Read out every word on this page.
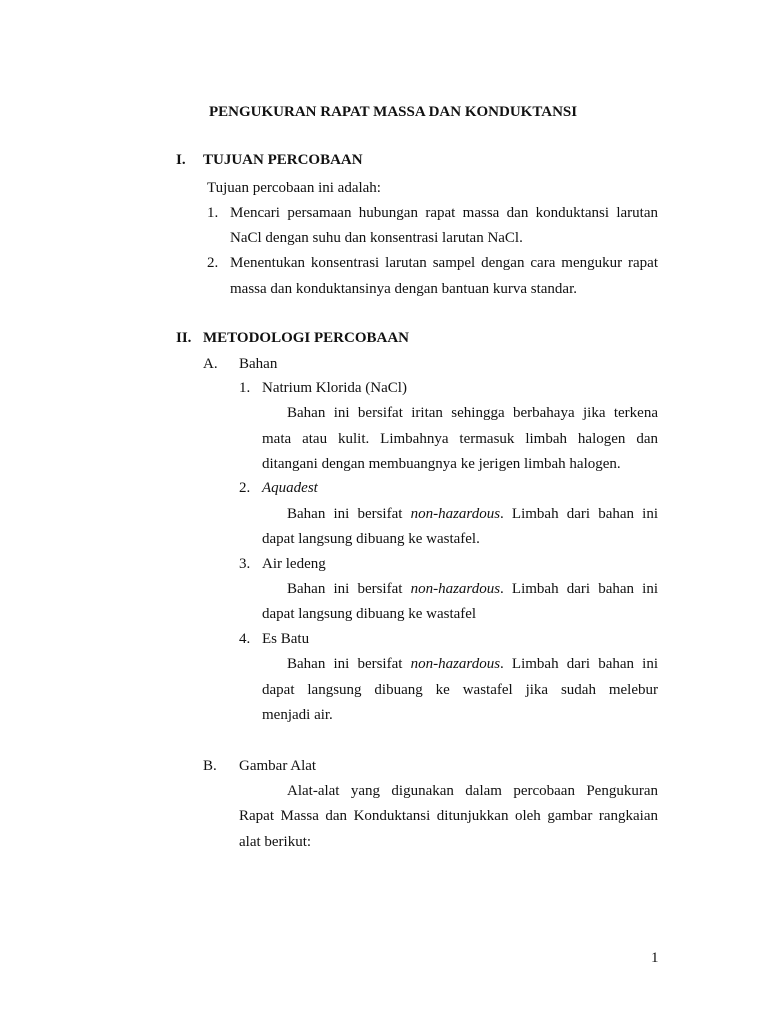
PENGUKURAN RAPAT MASSA DAN KONDUKTANSI
I. TUJUAN PERCOBAAN
Tujuan percobaan ini adalah:
1. Mencari persamaan hubungan rapat massa dan konduktansi larutan
NaCl dengan suhu dan konsentrasi larutan NaCl.
2. Menentukan konsentrasi larutan sampel dengan cara mengukur rapat
massa dan konduktansinya dengan bantuan kurva standar.
II. METODOLOGI PERCOBAAN
A. Bahan
1. Natrium Klorida (NaCl)
Bahan ini bersifat iritan sehingga berbahaya jika terkena
mata atau kulit. Limbahnya termasuk limbah halogen dan
ditangani dengan membuangnya ke jerigen limbah halogen.
2. Aquadest
Bahan ini bersifat non-hazardous. Limbah dari bahan ini
dapat langsung dibuang ke wastafel.
3. Air ledeng
Bahan ini bersifat non-hazardous. Limbah dari bahan ini
dapat langsung dibuang ke wastafel
4. Es Batu
Bahan ini bersifat non-hazardous. Limbah dari bahan ini
dapat langsung dibuang ke wastafel jika sudah melebur
menjadi air.
B. Gambar Alat
Alat-alat yang digunakan dalam percobaan Pengukuran
Rapat Massa dan Konduktansi ditunjukkan oleh gambar rangkaian
alat berikut:
1
